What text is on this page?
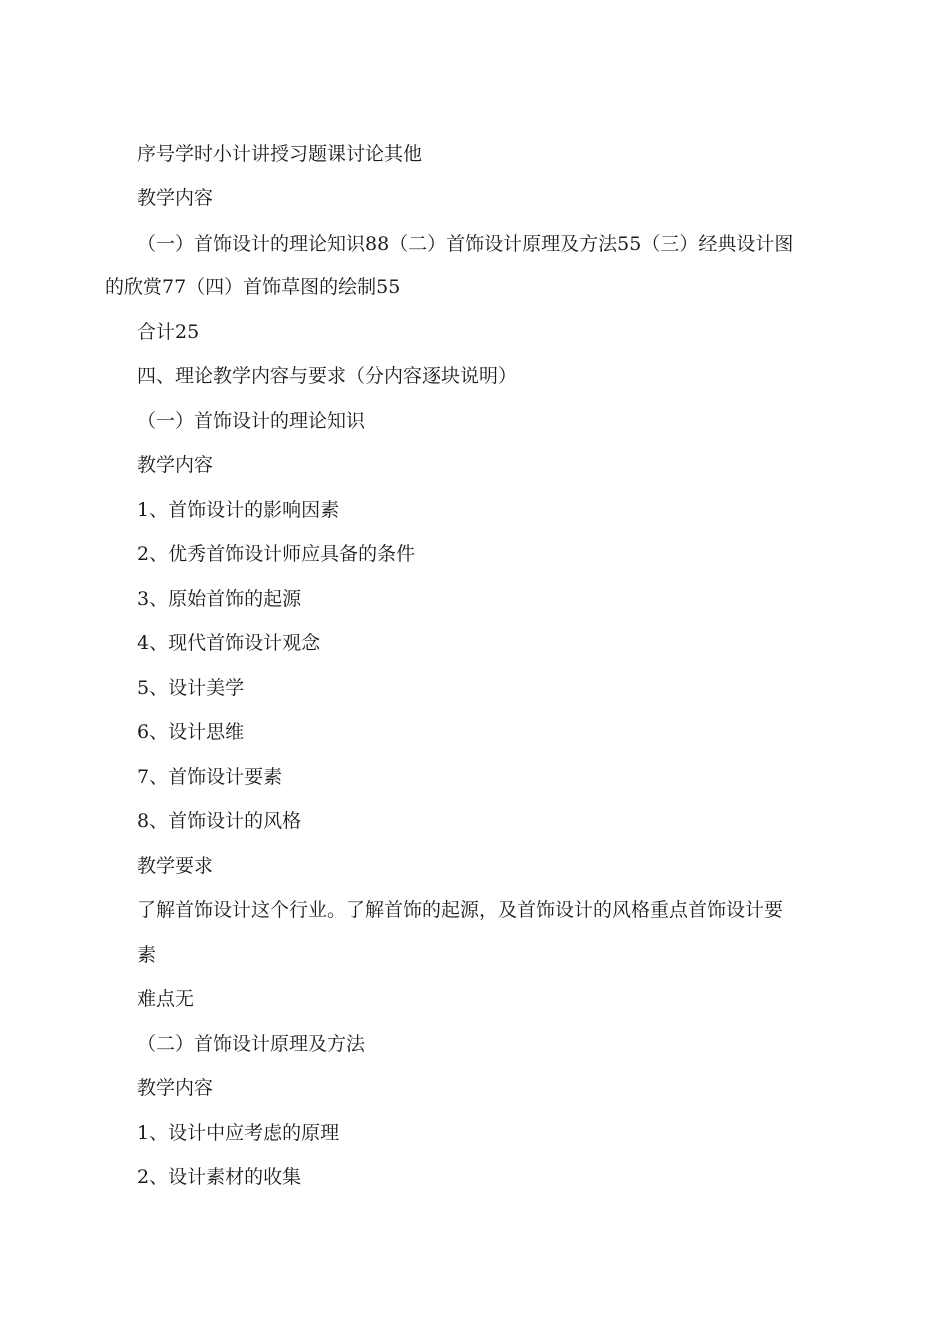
序号学时小计讲授习题课讨论其他
教学内容
（一）首饰设计的理论知识88（二）首饰设计原理及方法55（三）经典设计图
的欣赏77（四）首饰草图的绘制55
合计25
四、理论教学内容与要求（分内容逐块说明）
（一）首饰设计的理论知识
教学内容
1、首饰设计的影响因素
2、优秀首饰设计师应具备的条件
3、原始首饰的起源
4、现代首饰设计观念
5、设计美学
6、设计思维
7、首饰设计要素
8、首饰设计的风格
教学要求
了解首饰设计这个行业。了解首饰的起源，及首饰设计的风格重点首饰设计要
素
难点无
（二）首饰设计原理及方法
教学内容
1、设计中应考虑的原理
2、设计素材的收集
